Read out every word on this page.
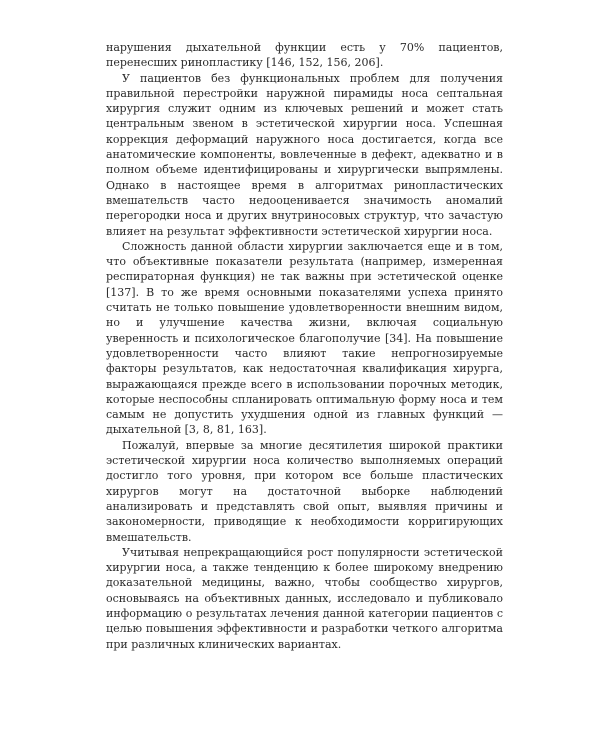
нарушения дыхательной функции есть у 70% пациентов, перенесших ринопластику [146, 152, 156, 206].

У пациентов без функциональных проблем для получения правильной перестройки наружной пирамиды носа септальная хирургия служит одним из ключевых решений и может стать центральным звеном в эстетической хирургии носа. Успешная коррекция деформаций наружного носа достигается, когда все анатомические компоненты, вовлеченные в дефект, адекватно и в полном объеме идентифицированы и хирургически выпрямлены. Однако в настоящее время в алгоритмах ринопластических вмешательств часто недооценивается значимость аномалий перегородки носа и других внутриносовых структур, что зачастую влияет на результат эффективности эстетической хирургии носа.

Сложность данной области хирургии заключается еще и в том, что объективные показатели результата (например, измеренная респираторная функция) не так важны при эстетической оценке [137]. В то же время основными показателями успеха принято считать не только повышение удовлетворенности внешним видом, но и улучшение качества жизни, включая социальную уверенность и психологическое благополучие [34]. На повышение удовлетворенности часто влияют такие непрогнозируемые факторы результатов, как недостаточная квалификация хирурга, выражающаяся прежде всего в использовании порочных методик, которые неспособны спланировать оптимальную форму носа и тем самым не допустить ухудшения одной из главных функций — дыхательной [3, 8, 81, 163].

Пожалуй, впервые за многие десятилетия широкой практики эстетической хирургии носа количество выполняемых операций достигло того уровня, при котором все больше пластических хирургов могут на достаточной выборке наблюдений анализировать и представлять свой опыт, выявляя причины и закономерности, приводящие к необходимости корригирующих вмешательств.

Учитывая непрекращающийся рост популярности эстетической хирургии носа, а также тенденцию к более широкому внедрению доказательной медицины, важно, чтобы сообщество хирургов, основываясь на объективных данных, исследовало и публиковало информацию о результатах лечения данной категории пациентов с целью повышения эффективности и разработки четкого алгоритма при различных клинических вариантах.
